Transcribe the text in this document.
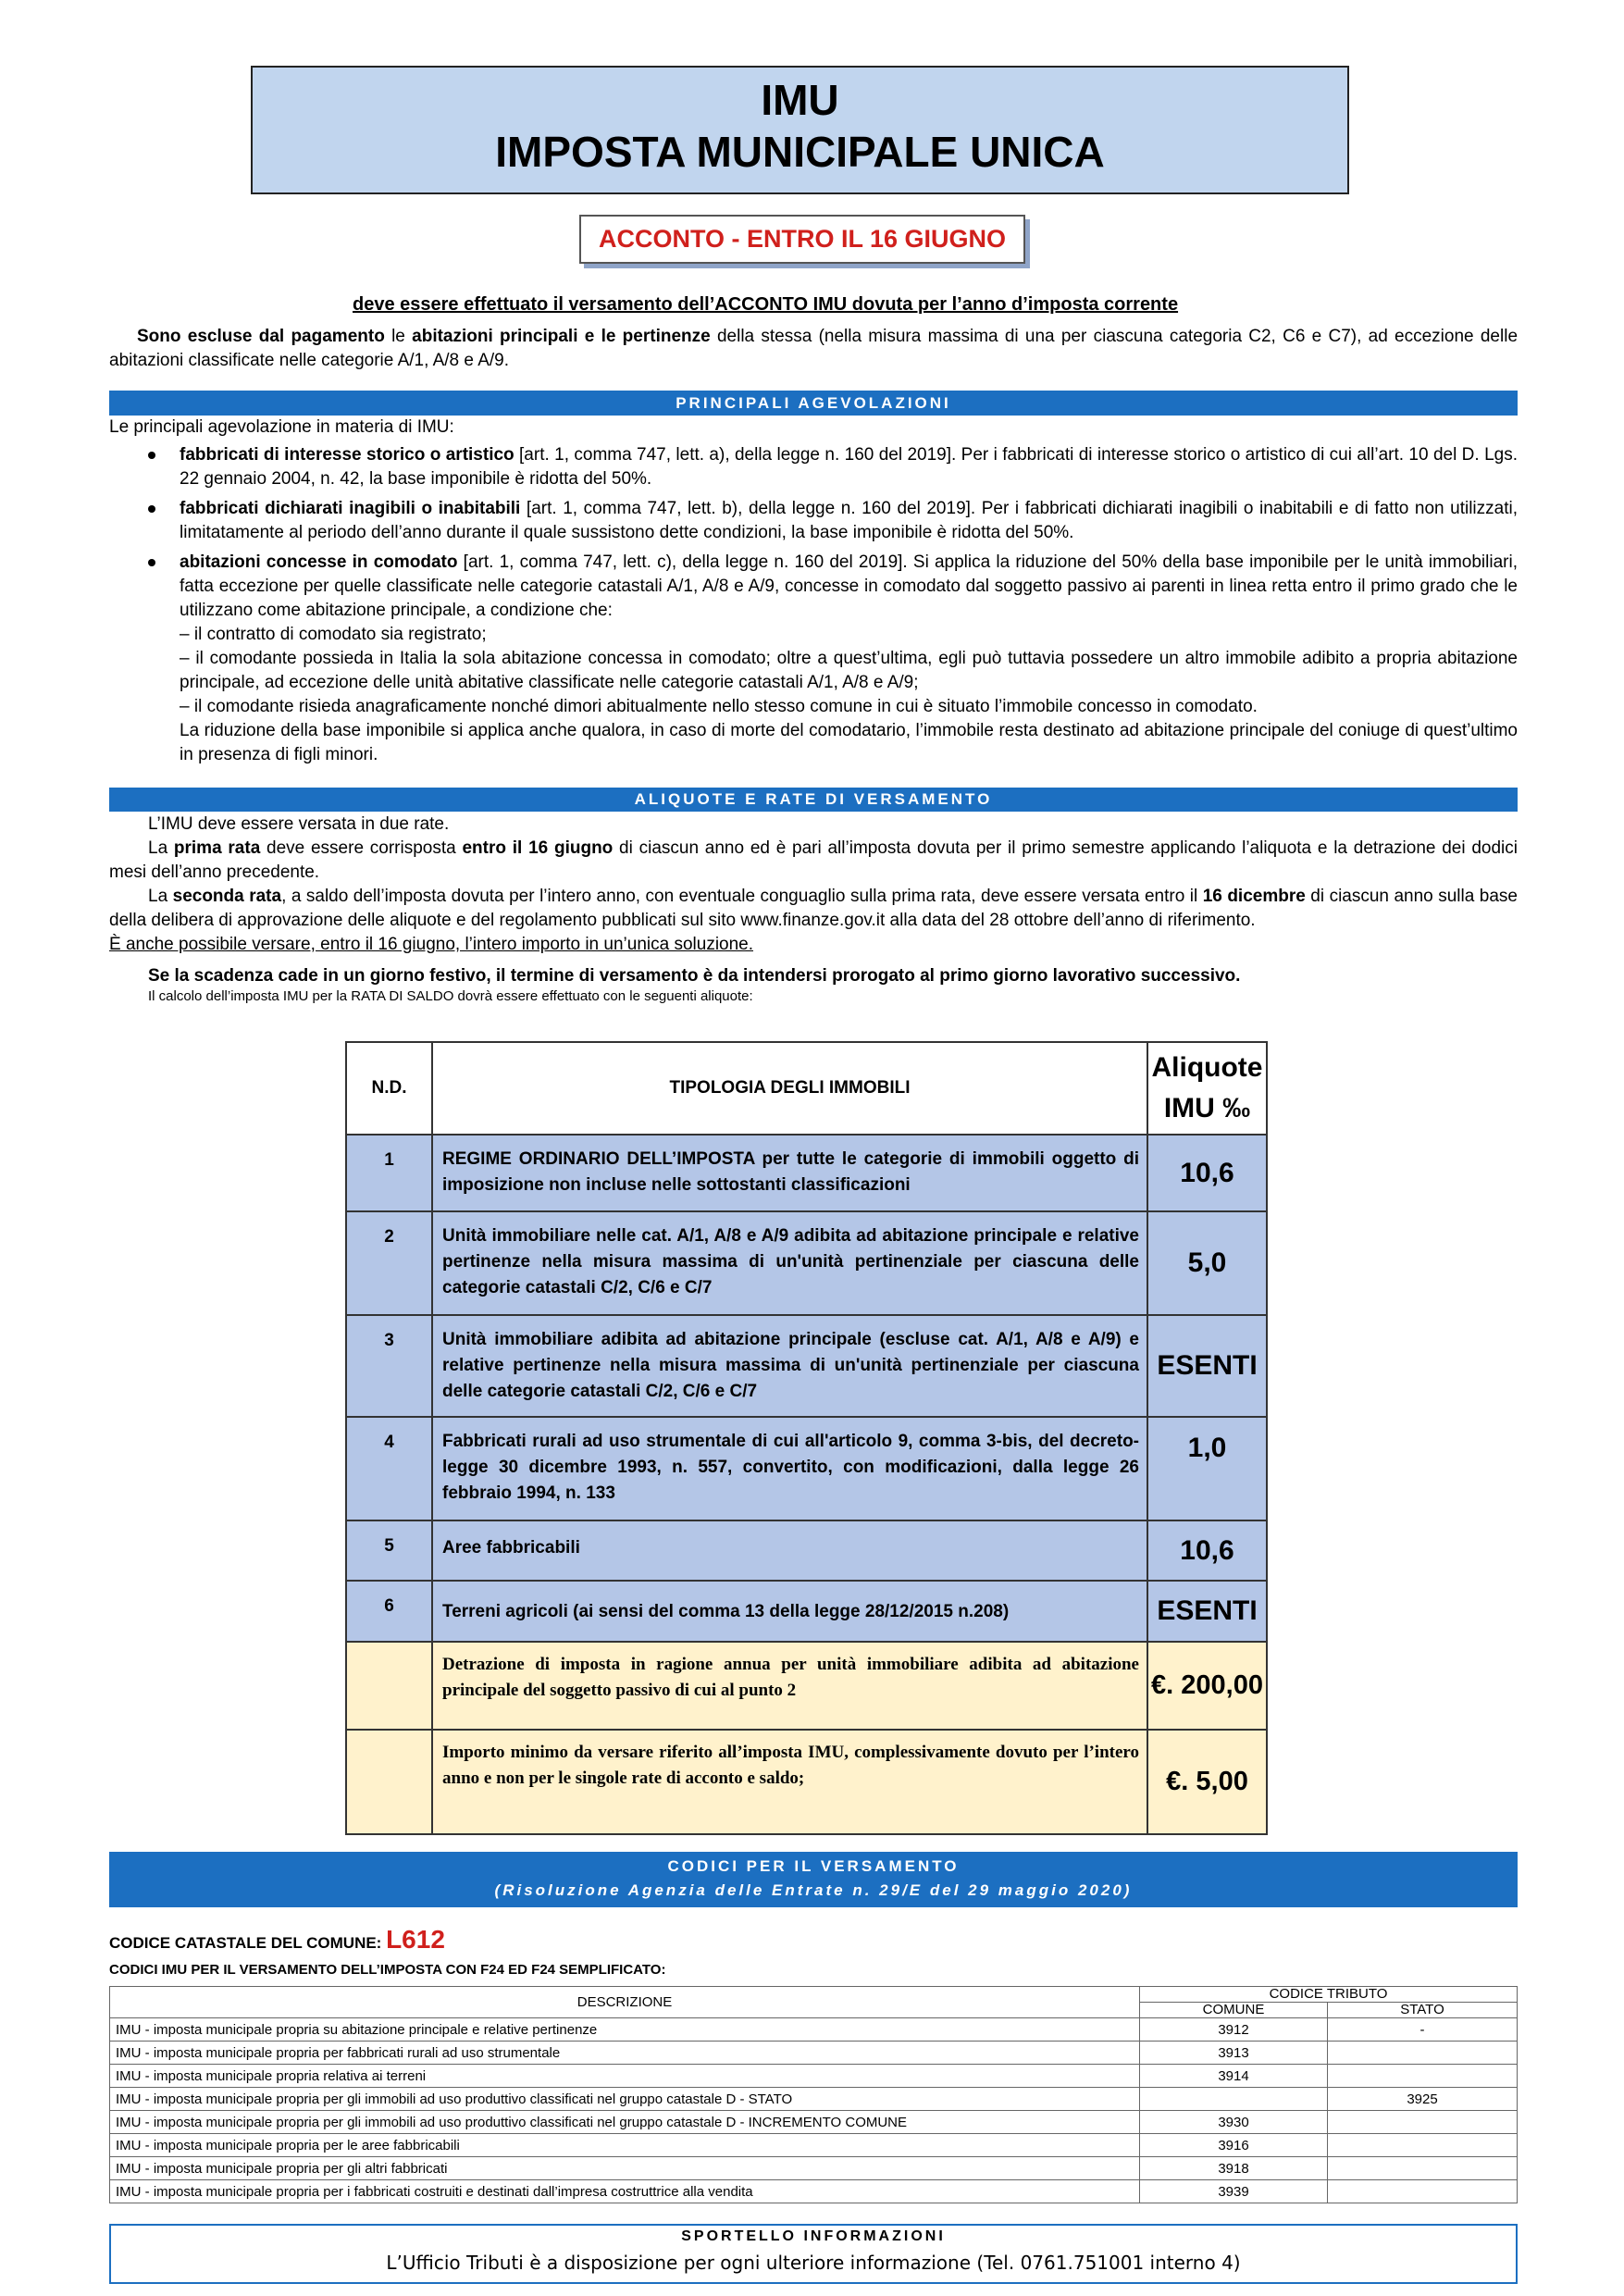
IMU
IMPOSTA MUNICIPALE UNICA
ACCONTO - ENTRO IL 16 GIUGNO
deve essere effettuato il versamento dell’ACCONTO IMU dovuta per l’anno d’imposta corrente
Sono escluse dal pagamento le abitazioni principali e le pertinenze della stessa (nella misura massima di una per ciascuna categoria C2, C6 e C7), ad eccezione delle abitazioni classificate nelle categorie A/1, A/8 e A/9.
PRINCIPALI AGEVOLAZIONI
Le principali agevolazione in materia di IMU:
fabbricati di interesse storico o artistico [art. 1, comma 747, lett. a), della legge n. 160 del 2019]. Per i fabbricati di interesse storico o artistico di cui all’art. 10 del D. Lgs. 22 gennaio 2004, n. 42, la base imponibile è ridotta del 50%.
fabbricati dichiarati inagibili o inabitabili [art. 1, comma 747, lett. b), della legge n. 160 del 2019]. Per i fabbricati dichiarati inagibili o inabitabili e di fatto non utilizzati, limitatamente al periodo dell’anno durante il quale sussistono dette condizioni, la base imponibile è ridotta del 50%.
abitazioni concesse in comodato [art. 1, comma 747, lett. c), della legge n. 160 del 2019]. Si applica la riduzione del 50% della base imponibile per le unità immobiliari, fatta eccezione per quelle classificate nelle categorie catastali A/1, A/8 e A/9, concesse in comodato dal soggetto passivo ai parenti in linea retta entro il primo grado che le utilizzano come abitazione principale, a condizione che:
– il contratto di comodato sia registrato;
– il comodante possieda in Italia la sola abitazione concessa in comodato; oltre a quest’ultima, egli può tuttavia possedere un altro immobile adibito a propria abitazione principale, ad eccezione delle unità abitative classificate nelle categorie catastali A/1, A/8 e A/9;
– il comodante risieda anagraficamente nonché dimori abitualmente nello stesso comune in cui è situato l’immobile concesso in comodato.
La riduzione della base imponibile si applica anche qualora, in caso di morte del comodatario, l’immobile resta destinato ad abitazione principale del coniuge di quest’ultimo in presenza di figli minori.
ALIQUOTE E RATE DI VERSAMENTO
L’IMU deve essere versata in due rate.
La prima rata deve essere corrisposta entro il 16 giugno di ciascun anno ed è pari all’imposta dovuta per il primo semestre applicando l’aliquota e la detrazione dei dodici mesi dell’anno precedente.
La seconda rata, a saldo dell’imposta dovuta per l’intero anno, con eventuale conguaglio sulla prima rata, deve essere versata entro il 16 dicembre di ciascun anno sulla base della delibera di approvazione delle aliquote e del regolamento pubblicati sul sito www.finanze.gov.it alla data del 28 ottobre dell’anno di riferimento.
È anche possibile versare, entro il 16 giugno, l’intero importo in un’unica soluzione.
Se la scadenza cade in un giorno festivo, il termine di versamento è da intendersi prorogato al primo giorno lavorativo successivo.
Il calcolo dell’imposta IMU per la RATA DI SALDO dovrà essere effettuato con le seguenti aliquote:
N.D.	TIPOLOGIA DEGLI IMMOBILI	Aliquote
IMU ‰

1	REGIME ORDINARIO DELL’IMPOSTA per tutte le categorie di immobili oggetto di imposizione non incluse nelle sottostanti classificazioni	10,6
2	Unità immobiliare nelle cat. A/1, A/8 e A/9 adibita ad abitazione principale e relative pertinenze nella misura massima di un'unità pertinenziale per ciascuna delle categorie catastali C/2, C/6 e C/7	5,0
3	Unità immobiliare adibita ad abitazione principale (escluse cat. A/1, A/8 e A/9) e relative pertinenze nella misura massima di un'unità pertinenziale per ciascuna delle categorie catastali C/2, C/6 e C/7	ESENTI
4	Fabbricati rurali ad uso strumentale di cui all'articolo 9, comma 3-bis, del decreto-legge 30 dicembre 1993, n. 557, convertito, con modificazioni, dalla legge 26 febbraio 1994, n. 133	1,0
5	Aree fabbricabili	10,6
6	Terreni agricoli (ai sensi del comma 13 della legge 28/12/2015 n.208)	ESENTI
	Detrazione di imposta in ragione annua per unità immobiliare adibita ad abitazione principale del soggetto passivo di cui al punto 2	€. 200,00
	Importo minimo da versare riferito all’imposta IMU, complessivamente dovuto per l’intero anno e non per le singole rate di acconto e saldo;	€. 5,00
CODICI PER IL VERSAMENTO
(Risoluzione Agenzia delle Entrate n. 29/E del 29 maggio 2020)
CODICE CATASTALE DEL COMUNE: L612
CODICI IMU PER IL VERSAMENTO DELL’IMPOSTA CON F24 ED F24 SEMPLIFICATO:
DESCRIZIONE	CODICE TRIBUTO	
	COMUNE	STATO
IMU - imposta municipale propria su abitazione principale e relative pertinenze	3912	-
IMU - imposta municipale propria per fabbricati rurali ad uso strumentale	3913	
IMU - imposta municipale propria relativa ai terreni	3914	
IMU - imposta municipale propria per gli immobili ad uso produttivo classificati nel gruppo catastale D - STATO		3925
IMU - imposta municipale propria per gli immobili ad uso produttivo classificati nel gruppo catastale D - INCREMENTO COMUNE	3930	
IMU - imposta municipale propria per le aree fabbricabili	3916	
IMU - imposta municipale propria per gli altri fabbricati	3918	
IMU - imposta municipale propria per i fabbricati costruiti e destinati dall’impresa costruttrice alla vendita	3939	
SPORTELLO INFORMAZIONI
L’Ufficio Tributi è a disposizione per ogni ulteriore informazione (Tel. 0761.751001 interno 4)
